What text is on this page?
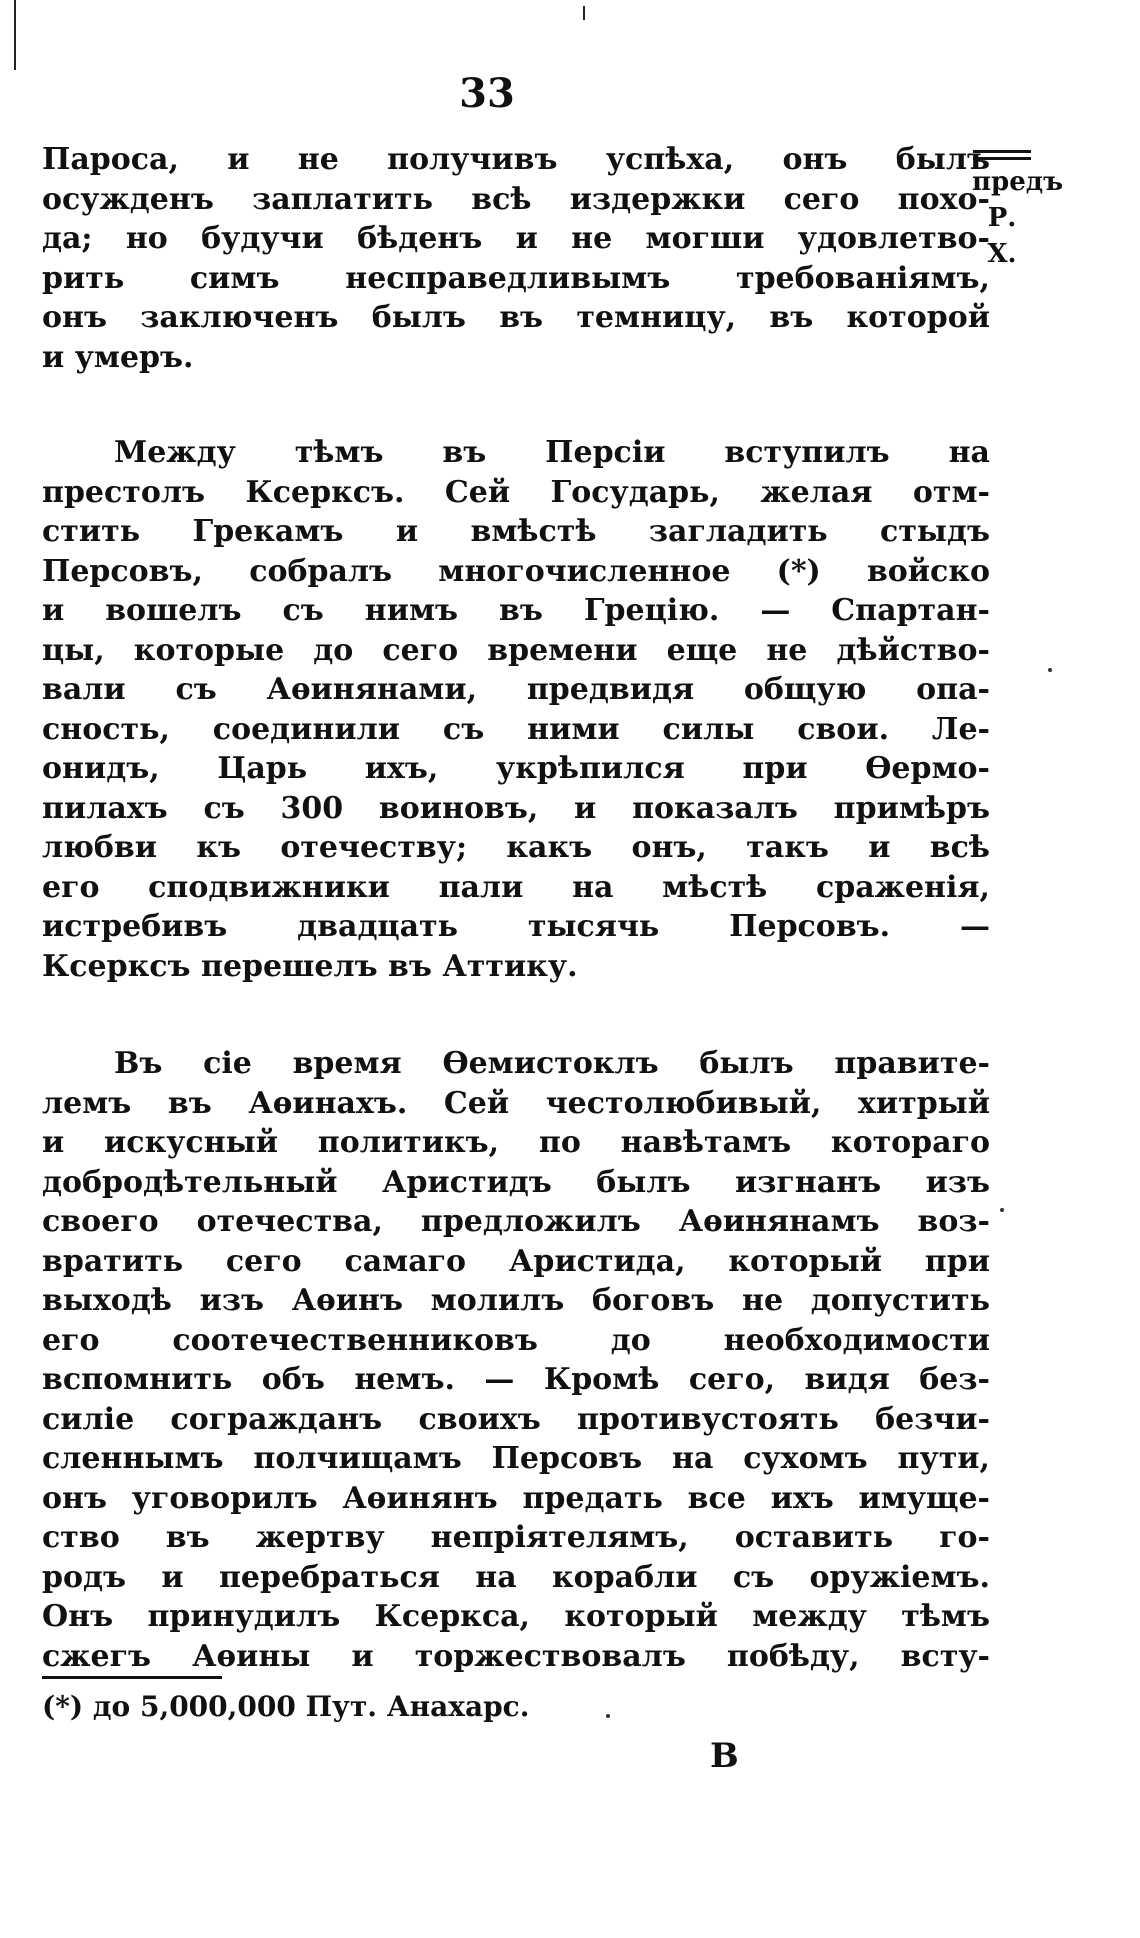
33
предъ
Р. Х.
Пароса, и не получивъ успѣха, онъ былъ
осужденъ заплатить всѣ издержки сего похо-
да; но будучи бѣденъ и не могши удовлетво-
рить симъ несправедливымъ требованіямъ,
онъ заключенъ былъ въ темницу, въ которой
и умеръ.
Между тѣмъ въ Персіи вступилъ на
престолъ Ксерксъ. Сей Государь, желая отм-
стить Грекамъ и вмѣстѣ загладить стыдъ
Персовъ, собралъ многочисленное (*) войско
и вошелъ съ нимъ въ Грецію. — Спартан-
цы, которые до сего времени еще не дѣйство-
вали съ Аѳинянами, предвидя общую опа-
сность, соединили съ ними силы свои. Ле-
онидъ, Царь ихъ, укрѣпился при Ѳермо-
пилахъ съ 300 воиновъ, и показалъ примѣръ
любви къ отечеству; какъ онъ, такъ и всѣ
его сподвижники пали на мѣстѣ сраженія,
истребивъ двадцать тысячь Персовъ. —
Ксерксъ перешелъ въ Аттику.
Въ сіе время Ѳемистоклъ былъ правите-
лемъ въ Аѳинахъ. Сей честолюбивый, хитрый
и искусный политикъ, по навѣтамъ котораго
добродѣтельный Аристидъ былъ изгнанъ изъ
своего отечества, предложилъ Аѳинянамъ воз-
вратить сего самаго Аристида, который при
выходѣ изъ Аѳинъ молилъ боговъ не допустить
его соотечественниковъ до необходимости
вспомнить объ немъ. — Кромѣ сего, видя без-
силіе согражданъ своихъ противустоять безчи-
сленнымъ полчищамъ Персовъ на сухомъ пути,
онъ уговорилъ Аѳинянъ предать все ихъ имуще-
ство въ жертву непріятелямъ, оставить го-
родъ и перебраться на корабли съ оружіемъ.
Онъ принудилъ Ксеркса, который между тѣмъ
сжегъ Аѳины и торжествовалъ побѣду, всту-
(*) до 5,000,000 Пут. Анахарс.
В
